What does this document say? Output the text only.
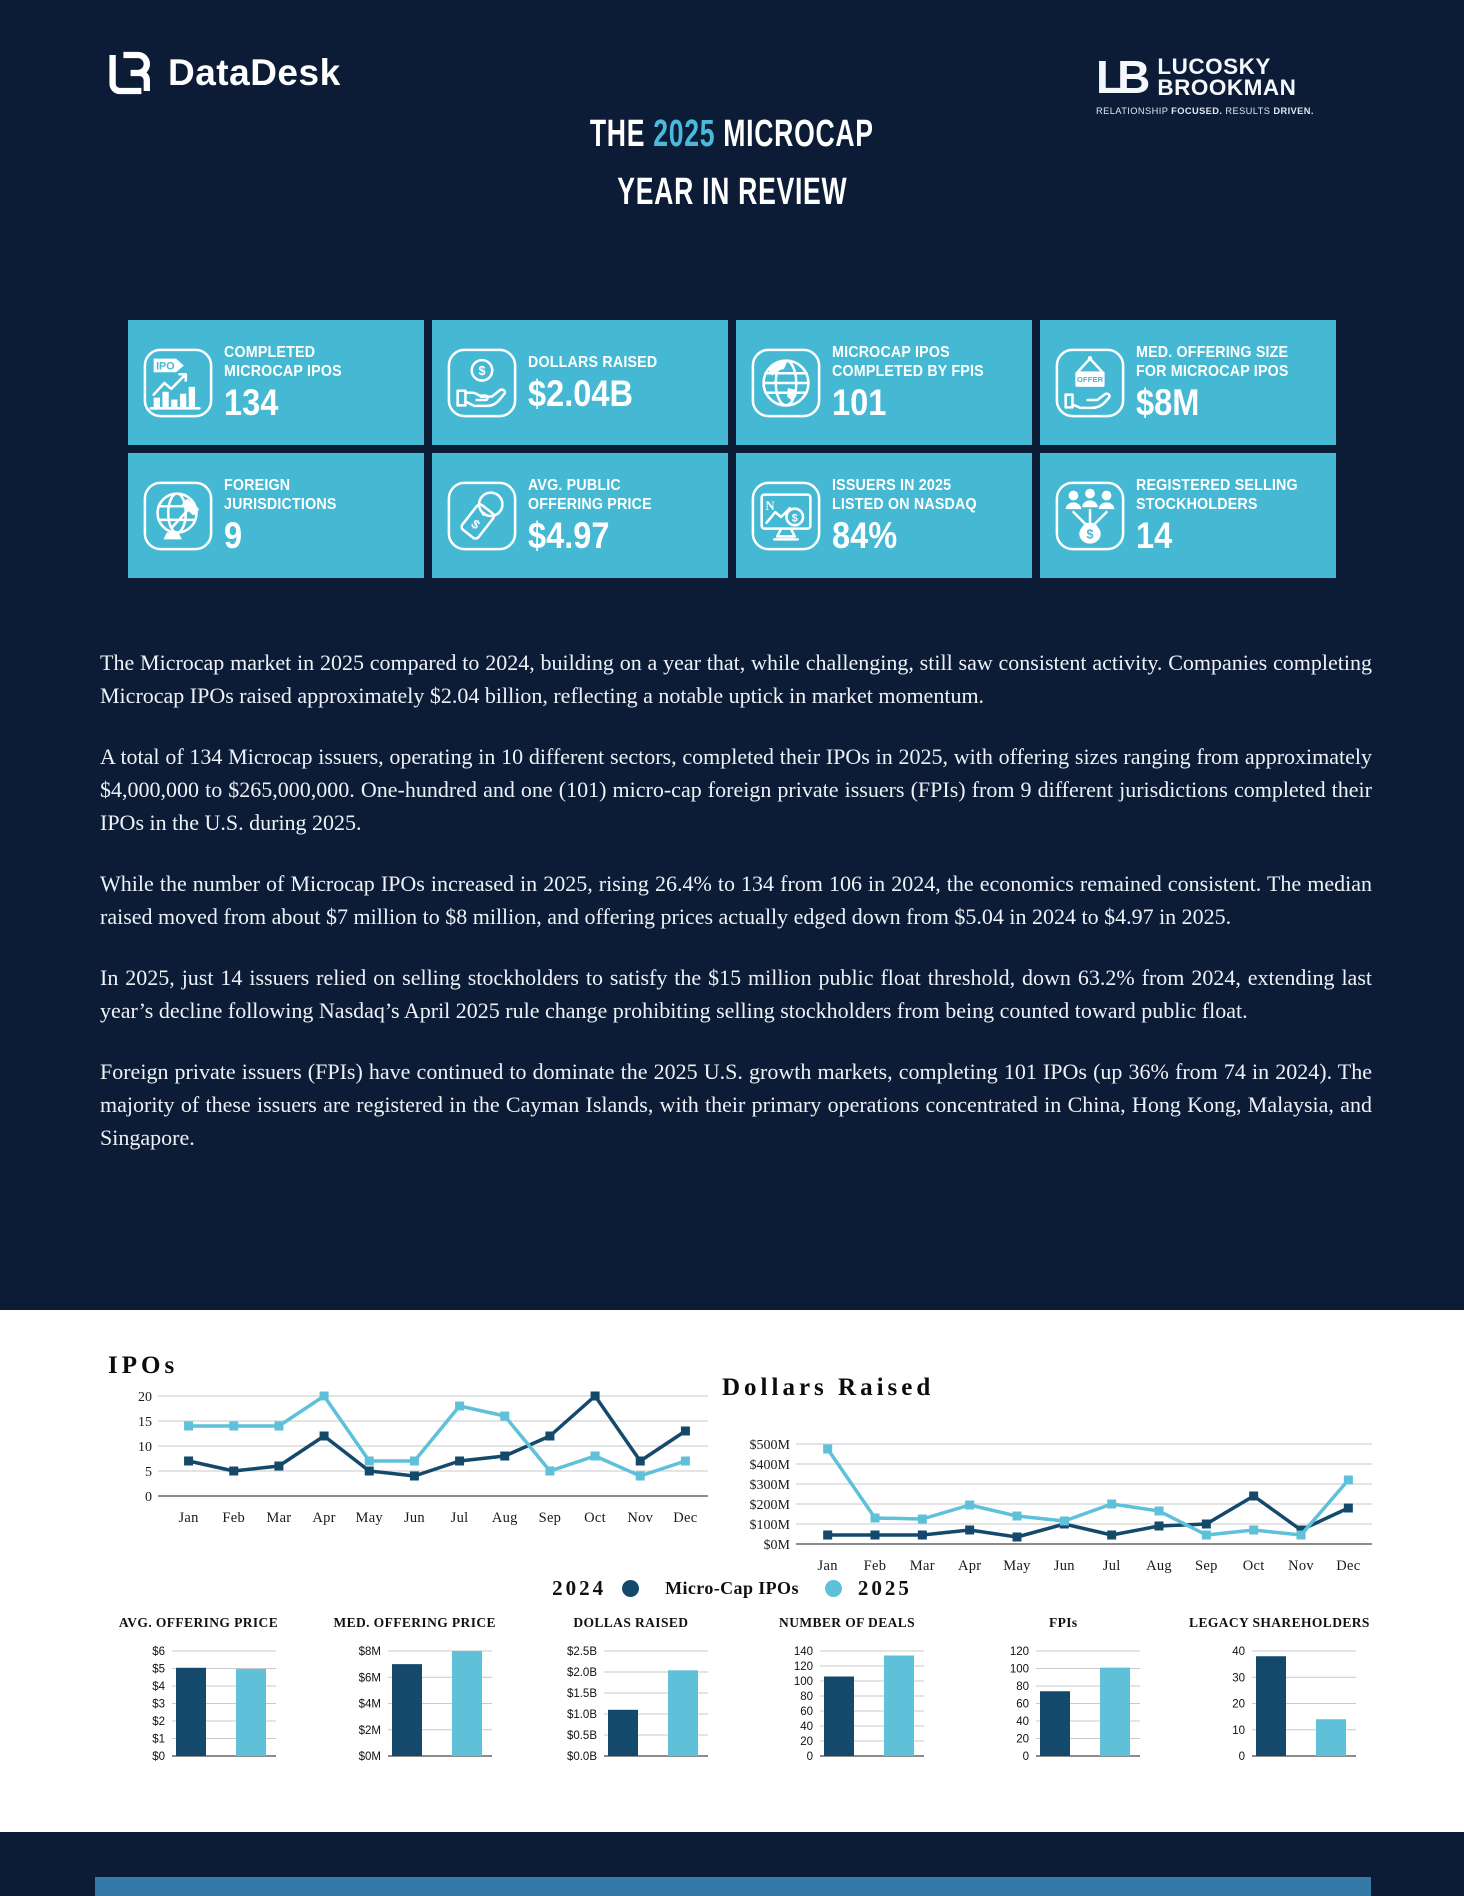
DataDesk	LB LUCOSKY
BROOKMAN
RELATIONSHIP FOCUSED. RESULTS DRIVEN.
THE 2025 MICROCAP
YEAR IN REVIEW
IPO
COMPLETED
MICROCAP IPOS
134
$
DOLLARS RAISED
$2.04B
MICROCAP IPOS
COMPLETED BY FPIS
101
OFFER
MED. OFFERING SIZE
FOR MICROCAP IPOS
$8M
FOREIGN
JURISDICTIONS
9	$
AVG. PUBLIC
OFFERING PRICE
$4.97
N
$
ISSUERS IN 2025
LISTED ON NASDAQ
84%	$
REGISTERED SELLING
STOCKHOLDERS
14

The Microcap market in 2025 compared to 2024, building on a year that, while challenging, still saw consistent activity. Companies completing Microcap IPOs raised approximately $2.04 billion, reflecting a notable uptick in market momentum.

A total of 134 Microcap issuers, operating in 10 different sectors, completed their IPOs in 2025, with offering sizes ranging from approximately $4,000,000 to $265,000,000. One-hundred and one (101) micro-cap foreign private issuers (FPIs) from 9 different jurisdictions completed their IPOs in the U.S. during 2025.

While the number of Microcap IPOs increased in 2025, rising 26.4% to 134 from 106 in 2024, the economics remained consistent. The median raised moved from about $7 million to $8 million, and offering prices actually edged down from $5.04 in 2024 to $4.97 in 2025.

In 2025, just 14 issuers relied on selling stockholders to satisfy the $15 million public float threshold, down 63.2% from 2024, extending last year’s decline following Nasdaq’s April 2025 rule change prohibiting selling stockholders from being counted toward public float.

Foreign private issuers (FPIs) have continued to dominate the 2025 U.S. growth markets, completing 101 IPOs (up 36% from 74 in 2024). The majority of these issuers are registered in the Cayman Islands, with their primary operations concentrated in China, Hong Kong, Malaysia, and Singapore.

IPOs
0
5
10
15
20
Jan Feb Mar Apr May Jun Jul Aug Sep Oct Nov Dec
Dollars Raised
$0M
$100M
$200M
$300M
$400M
$500M
Jan Feb Mar Apr May Jun Jul Aug Sep Oct Nov Dec
2024	Micro-Cap IPOs	2025
AVG. OFFERING PRICE
$0
$1
$2
$3
$4
$5
$6
MED. OFFERING PRICE
$0M
$2M
$4M
$6M
$8M
DOLLAS RAISED
$0.0B
$0.5B
$1.0B
$1.5B
$2.0B
$2.5B
NUMBER OF DEALS
0
20
40
60
80
100
120
140
FPIs
0
20
40
60
80
100
120
LEGACY SHAREHOLDERS
0
10
20
30
40
